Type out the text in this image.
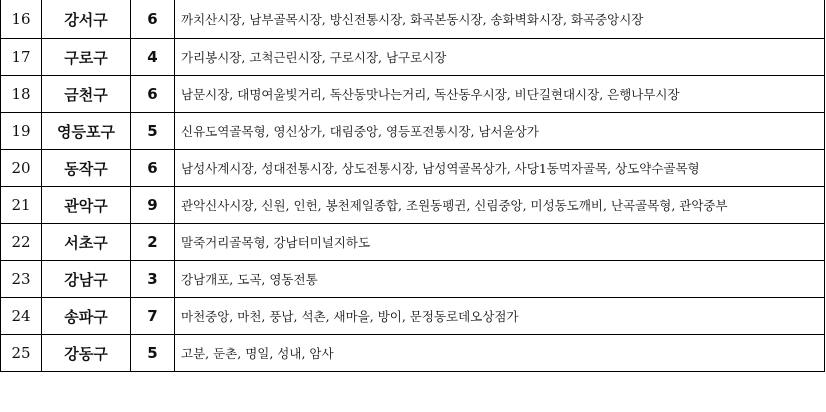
16	강서구	6	까치산시장, 남부골목시장, 방신전통시장, 화곡본동시장, 송화벽화시장, 화곡중앙시장
17	구로구	4	가리봉시장, 고척근린시장, 구로시장, 남구로시장
18	금천구	6	남문시장, 대명여울빛거리, 독산동맛나는거리, 독산동우시장, 비단길현대시장, 은행나무시장
19	영등포구	5	신유도역골목형, 영신상가, 대림중앙, 영등포전통시장, 남서울상가
20	동작구	6	남성사계시장, 성대전통시장, 상도전통시장, 남성역골목상가, 사당1동먹자골목, 상도약수골목형
21	관악구	9	관악신사시장, 신원, 인헌, 봉천제일종합, 조원동펭귄, 신림중앙, 미성동도깨비, 난곡골목형, 관악중부
22	서초구	2	말죽거리골목형, 강남터미널지하도
23	강남구	3	강남개포, 도곡, 영동전통
24	송파구	7	마천중앙, 마천, 풍납, 석촌, 새마을, 방이, 문정동로데오상점가
25	강동구	5	고분, 둔촌, 명일, 성내, 암사
